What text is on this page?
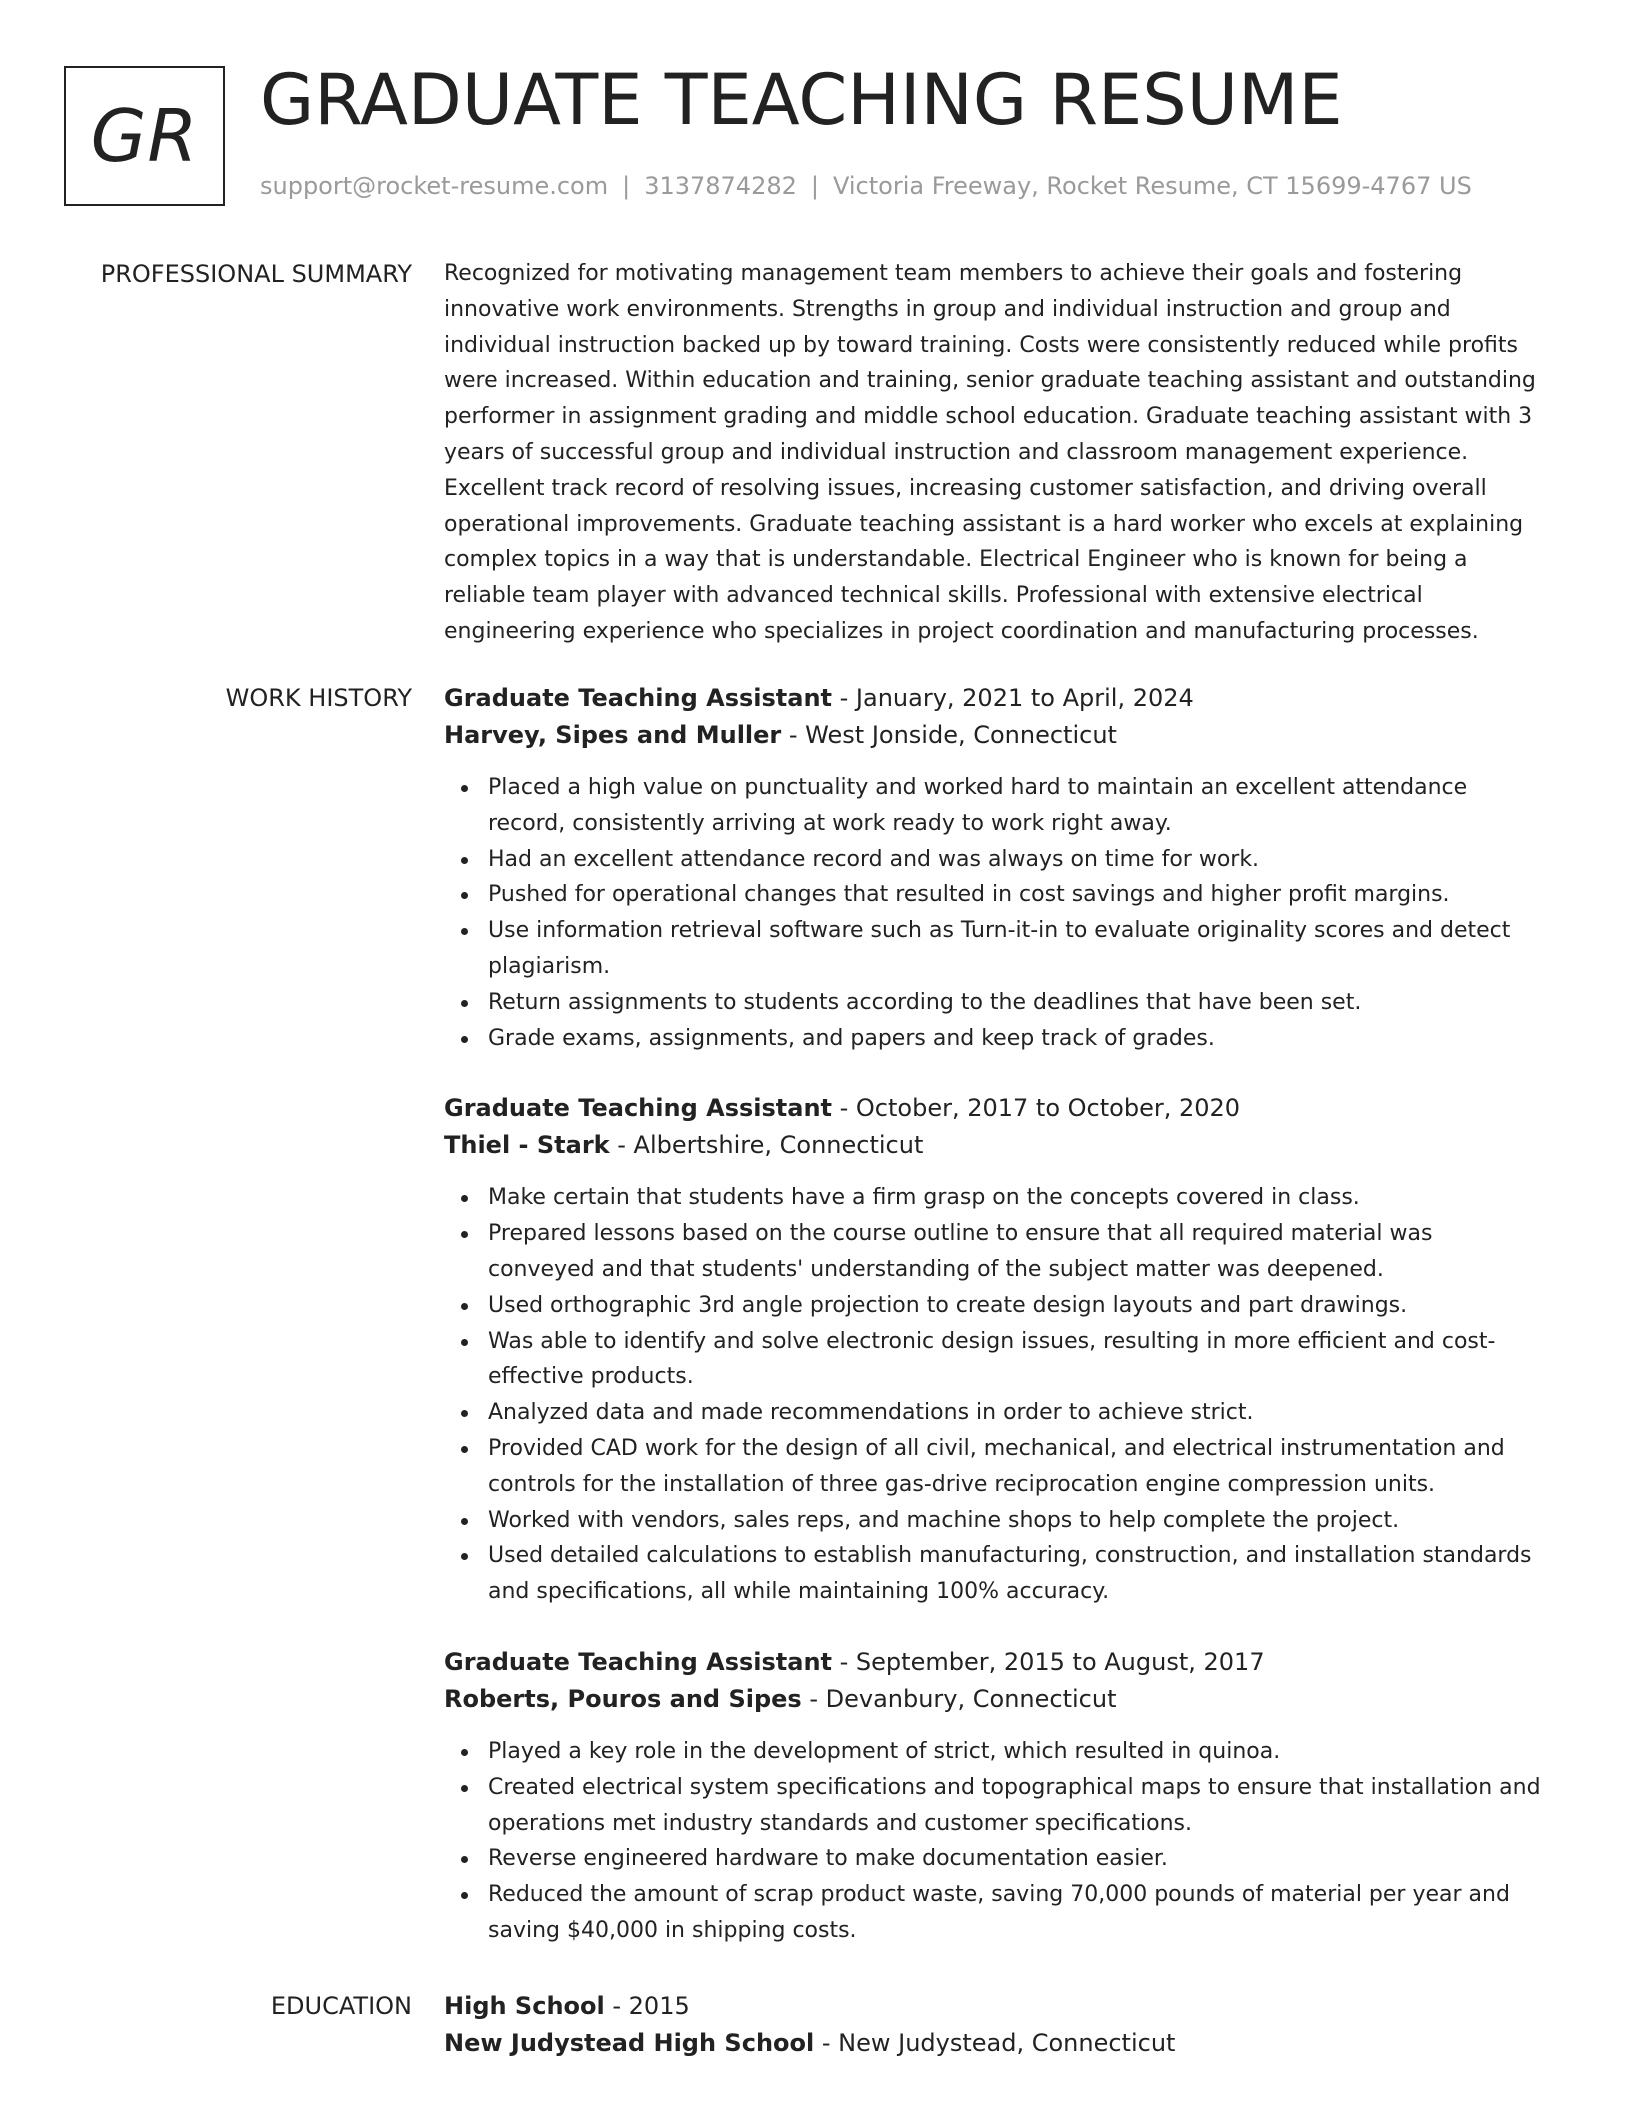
GR GRADUATE TEACHING RESUME
support@rocket-resume.com | 3137874282 | Victoria Freeway, Rocket Resume, CT 15699-4767 US
PROFESSIONAL SUMMARY Recognized for motivating management team members to achieve their goals and fostering innovative work environments. Strengths in group and individual instruction and group and individual instruction backed up by toward training. Costs were consistently reduced while profits were increased. Within education and training, senior graduate teaching assistant and outstanding performer in assignment grading and middle school education. Graduate teaching assistant with 3 years of successful group and individual instruction and classroom management experience. Excellent track record of resolving issues, increasing customer satisfaction, and driving overall operational improvements. Graduate teaching assistant is a hard worker who excels at explaining complex topics in a way that is understandable. Electrical Engineer who is known for being a reliable team player with advanced technical skills. Professional with extensive electrical engineering experience who specializes in project coordination and manufacturing processes.

WORK HISTORY Graduate Teaching Assistant - January, 2021 to April, 2024

Harvey, Sipes and Muller - West Jonside, Connecticut

Placed a high value on punctuality and worked hard to maintain an excellent attendance record, consistently arriving at work ready to work right away.
Had an excellent attendance record and was always on time for work.
Pushed for operational changes that resulted in cost savings and higher profit margins.
Use information retrieval software such as Turn-it-in to evaluate originality scores and detect plagiarism.
Return assignments to students according to the deadlines that have been set.
Grade exams, assignments, and papers and keep track of grades.

Graduate Teaching Assistant - October, 2017 to October, 2020

Thiel - Stark - Albertshire, Connecticut

Make certain that students have a firm grasp on the concepts covered in class.
Prepared lessons based on the course outline to ensure that all required material was conveyed and that students' understanding of the subject matter was deepened.
Used orthographic 3rd angle projection to create design layouts and part drawings.
Was able to identify and solve electronic design issues, resulting in more efficient and cost-effective products.
Analyzed data and made recommendations in order to achieve strict.
Provided CAD work for the design of all civil, mechanical, and electrical instrumentation and controls for the installation of three gas-drive reciprocation engine compression units.
Worked with vendors, sales reps, and machine shops to help complete the project.
Used detailed calculations to establish manufacturing, construction, and installation standards and specifications, all while maintaining 100% accuracy.

Graduate Teaching Assistant - September, 2015 to August, 2017

Roberts, Pouros and Sipes - Devanbury, Connecticut

Played a key role in the development of strict, which resulted in quinoa.
Created electrical system specifications and topographical maps to ensure that installation and operations met industry standards and customer specifications.
Reverse engineered hardware to make documentation easier.
Reduced the amount of scrap product waste, saving 70,000 pounds of material per year and saving $40,000 in shipping costs.
EDUCATION High School - 2015

New Judystead High School - New Judystead, Connecticut
